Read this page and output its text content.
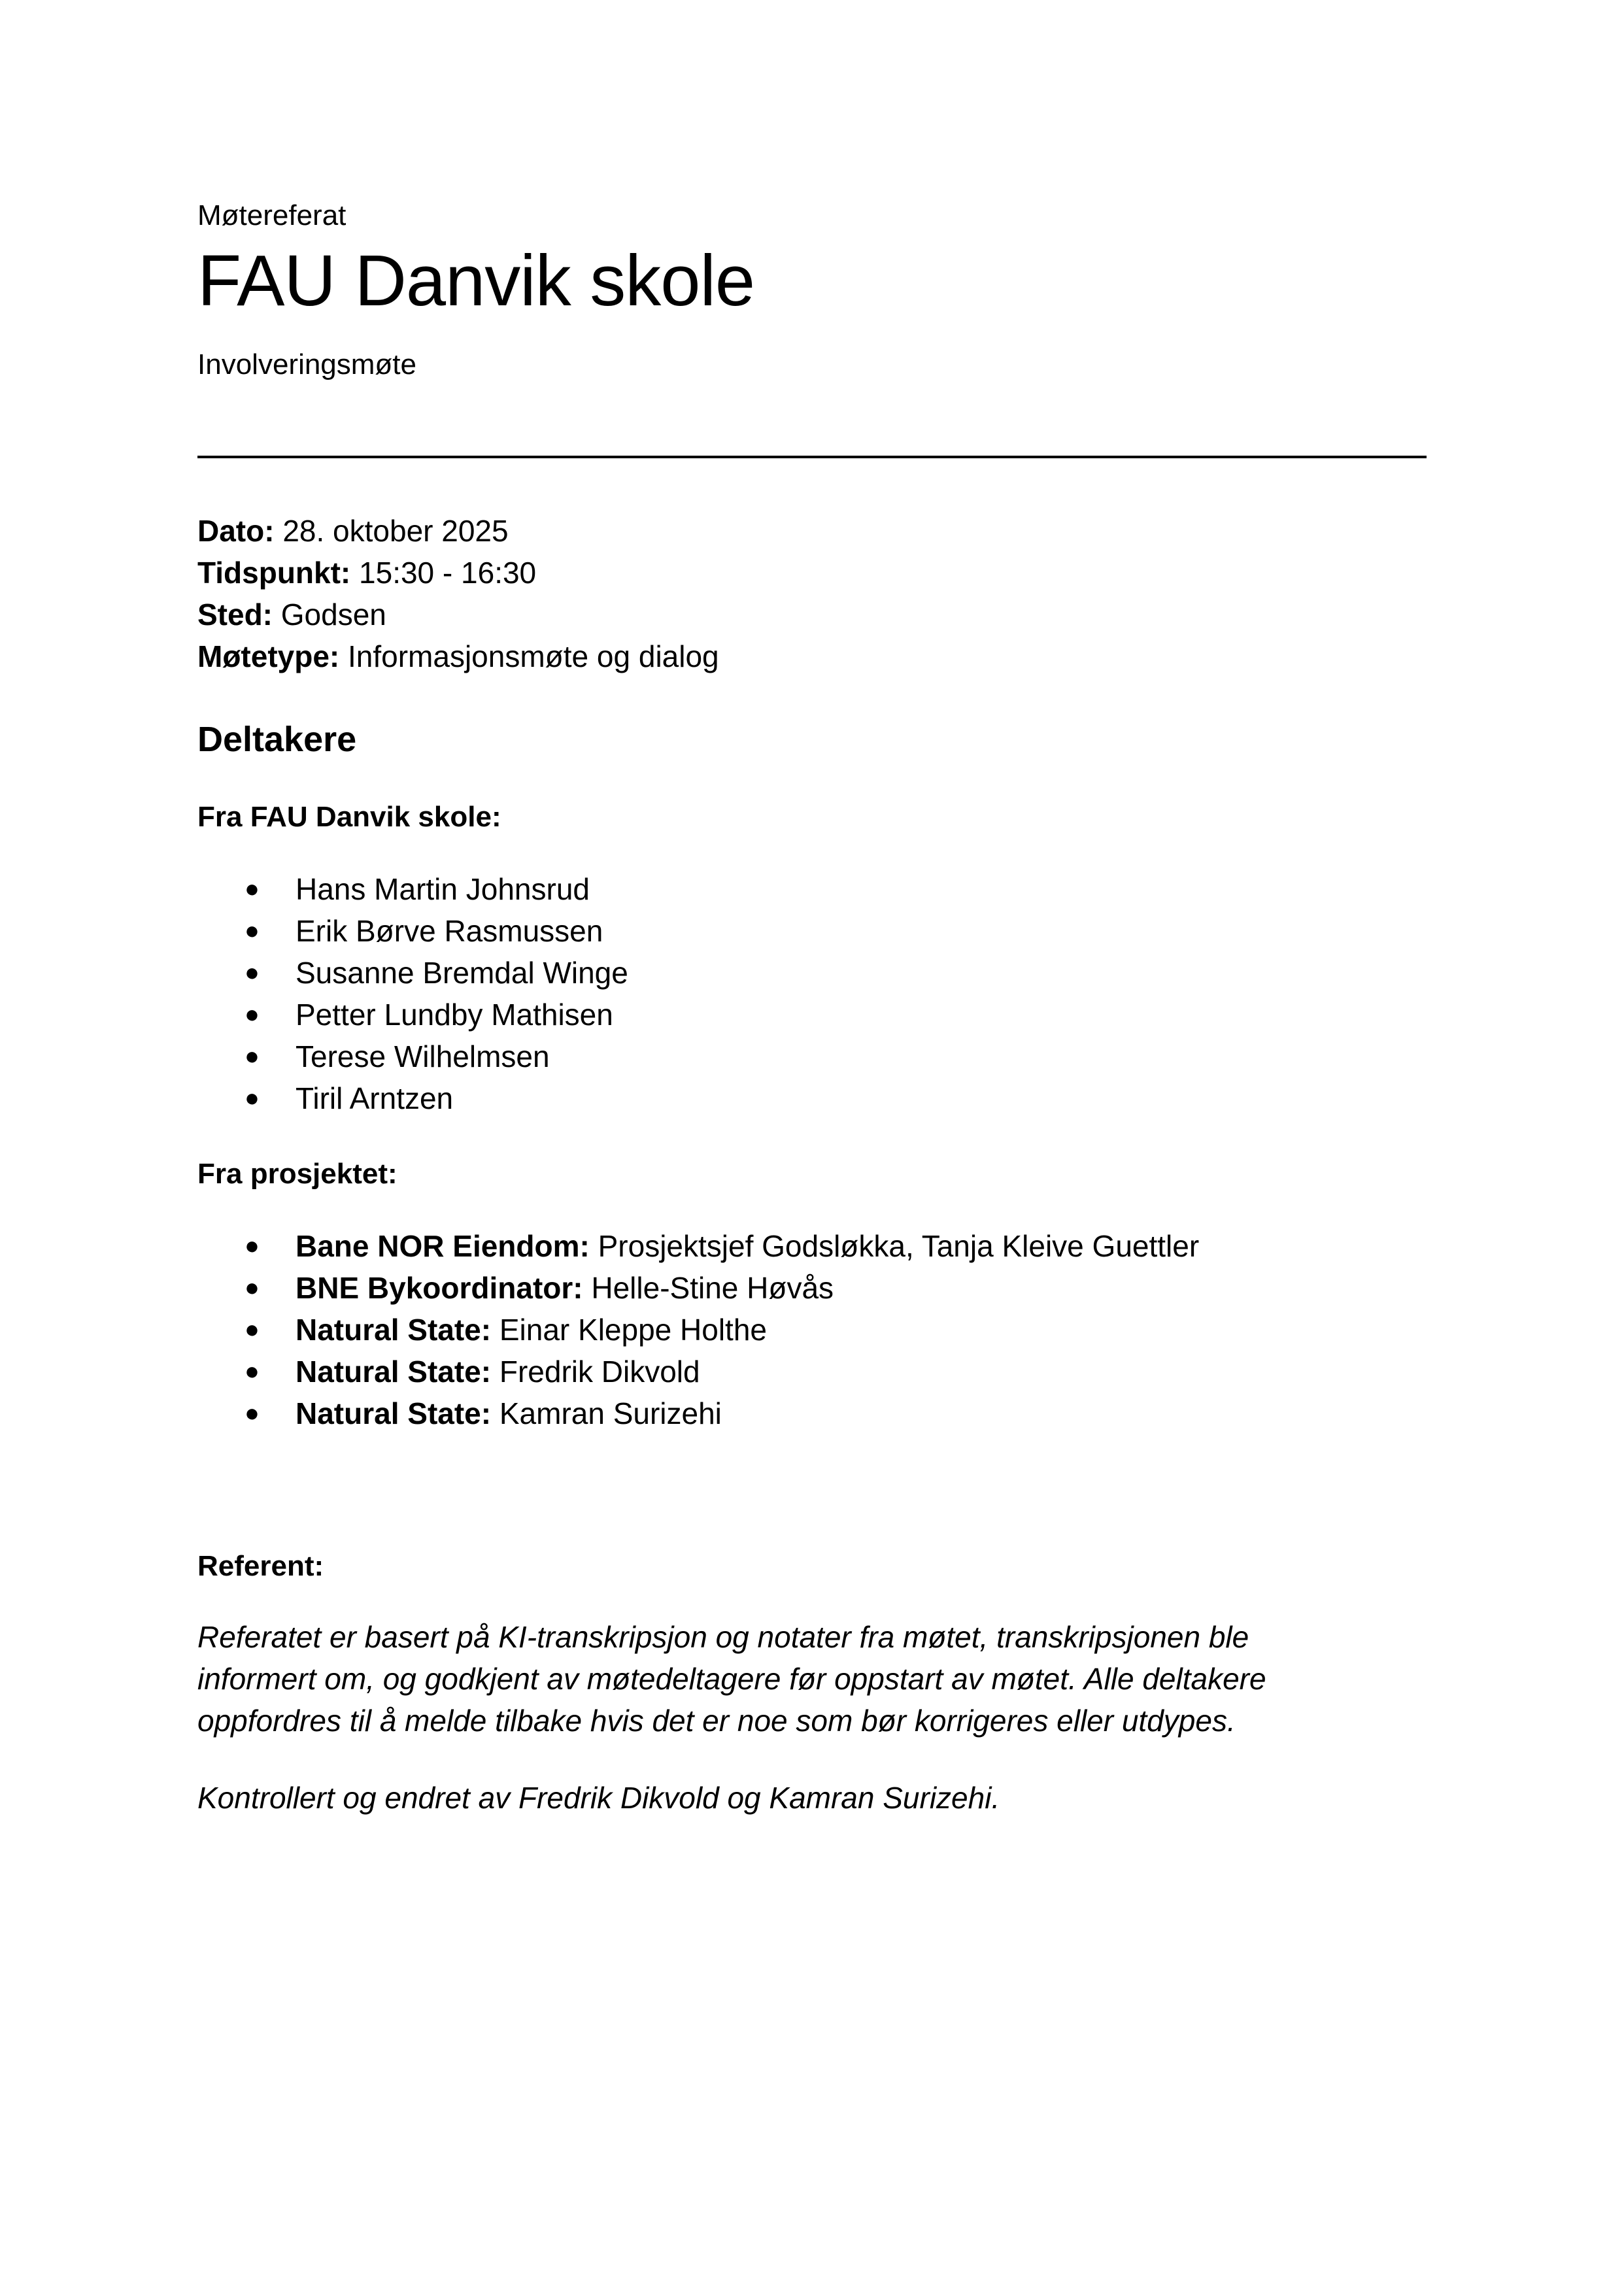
Møtereferat
FAU Danvik skole
Involveringsmøte
Dato: 28. oktober 2025
Tidspunkt: 15:30 - 16:30
Sted: Godsen
Møtetype: Informasjonsmøte og dialog
Deltakere
Fra FAU Danvik skole:
● Hans Martin Johnsrud
● Erik Børve Rasmussen
● Susanne Bremdal Winge
● Petter Lundby Mathisen
● Terese Wilhelmsen
● Tiril Arntzen
Fra prosjektet:
● Bane NOR Eiendom: Prosjektsjef Godsløkka, Tanja Kleive Guettler
● BNE Bykoordinator: Helle-Stine Høvås
● Natural State: Einar Kleppe Holthe
● Natural State: Fredrik Dikvold
● Natural State: Kamran Surizehi
Referent:
Referatet er basert på KI-transkripsjon og notater fra møtet, transkripsjonen ble
informert om, og godkjent av møtedeltagere før oppstart av møtet. Alle deltakere
oppfordres til å melde tilbake hvis det er noe som bør korrigeres eller utdypes.
Kontrollert og endret av Fredrik Dikvold og Kamran Surizehi.
